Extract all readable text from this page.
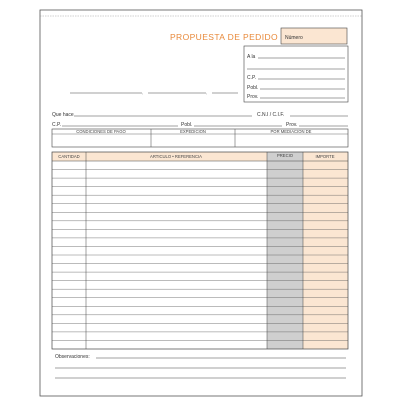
PROPUESTA DE PEDIDO Número
,	,
A la
C.P.
Pobl.
Prov.
Que hace	C.N.I / C.I.F.
C.P.	Pobl.	Prov.
CONDICIONES DE PAGO	EXPEDICION	POR MEDIACION DE
CANTIDAD	ARTICULO • REFERENCIA	PRECIO	IMPORTE
Observaciones:
